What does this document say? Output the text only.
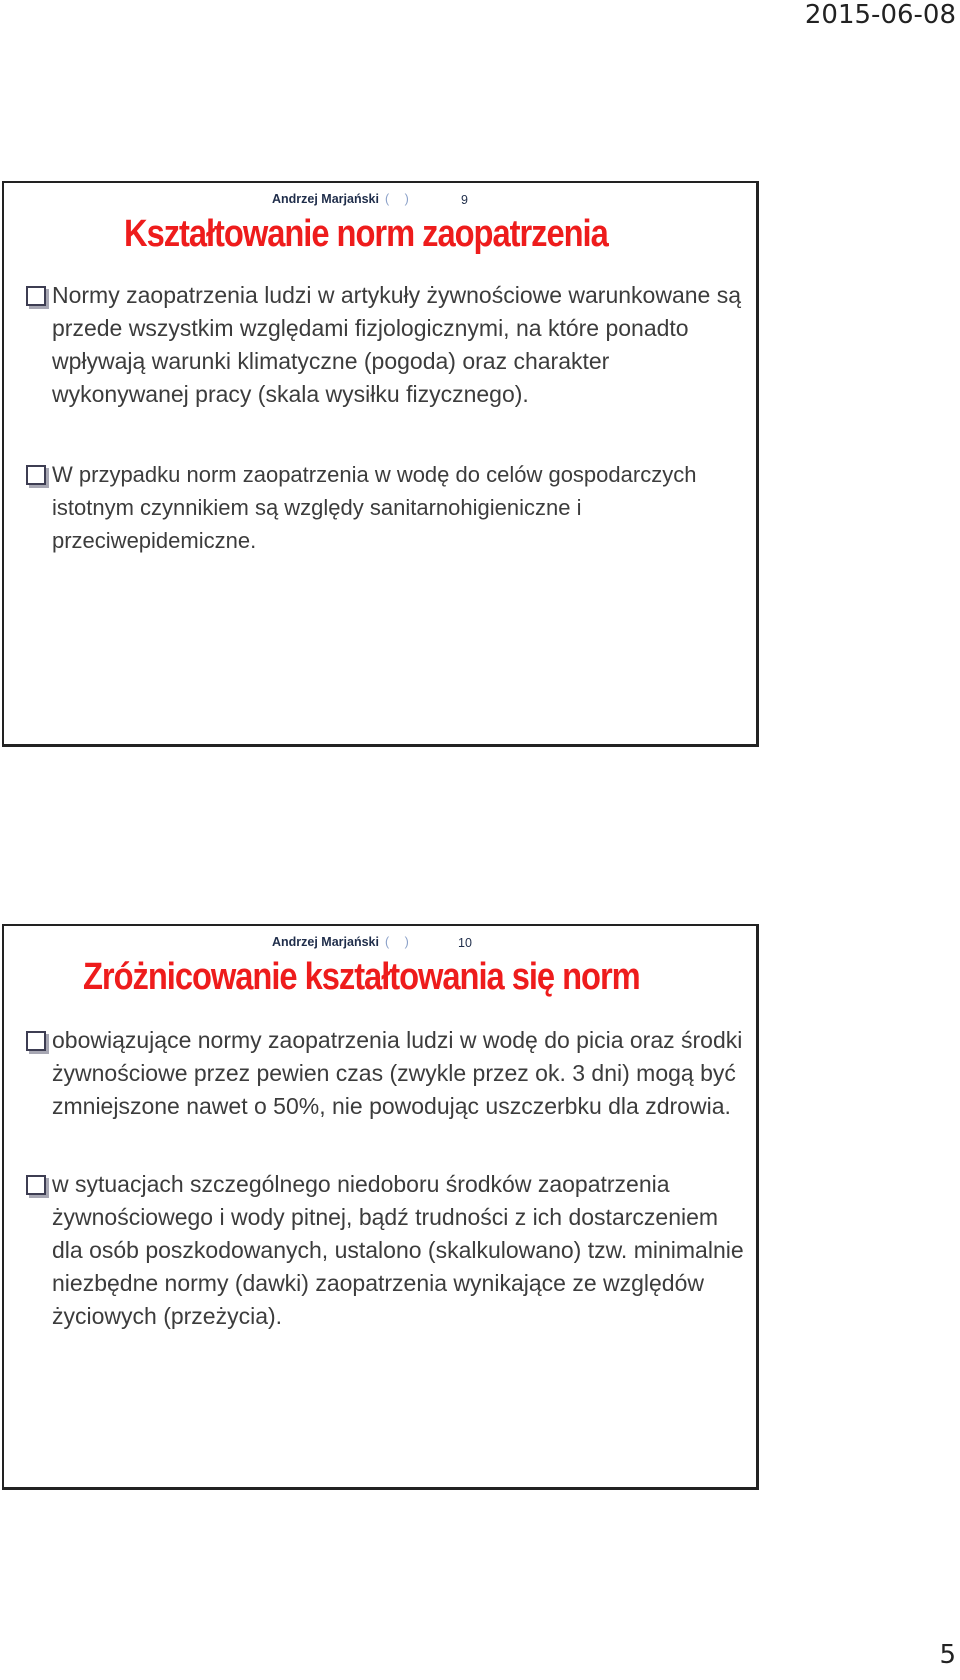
2015-06-08
Andrzej Marjański ( )	9
Kształtowanie norm zaopatrzenia
Normy zaopatrzenia ludzi w artykuły żywnościowe warunkowane są przede wszystkim względami fizjologicznymi, na które ponadto wpływają warunki klimatyczne (pogoda) oraz charakter wykonywanej pracy (skala wysiłku fizycznego).
W przypadku norm zaopatrzenia w wodę do celów gospodarczych istotnym czynnikiem są względy sanitarnohigieniczne i przeciwepidemiczne.
Andrzej Marjański ( )	10
Zróżnicowanie kształtowania się norm
obowiązujące normy zaopatrzenia ludzi w wodę do picia oraz środki żywnościowe przez pewien czas (zwykle przez ok. 3 dni) mogą być zmniejszone nawet o 50%, nie powodując uszczerbku dla zdrowia.
w sytuacjach szczególnego niedoboru środków zaopatrzenia żywnościowego i wody pitnej, bądź trudności z ich dostarczeniem dla osób poszkodowanych, ustalono (skalkulowano) tzw. minimalnie niezbędne normy (dawki) zaopatrzenia wynikające ze względów życiowych (przeżycia).
5
